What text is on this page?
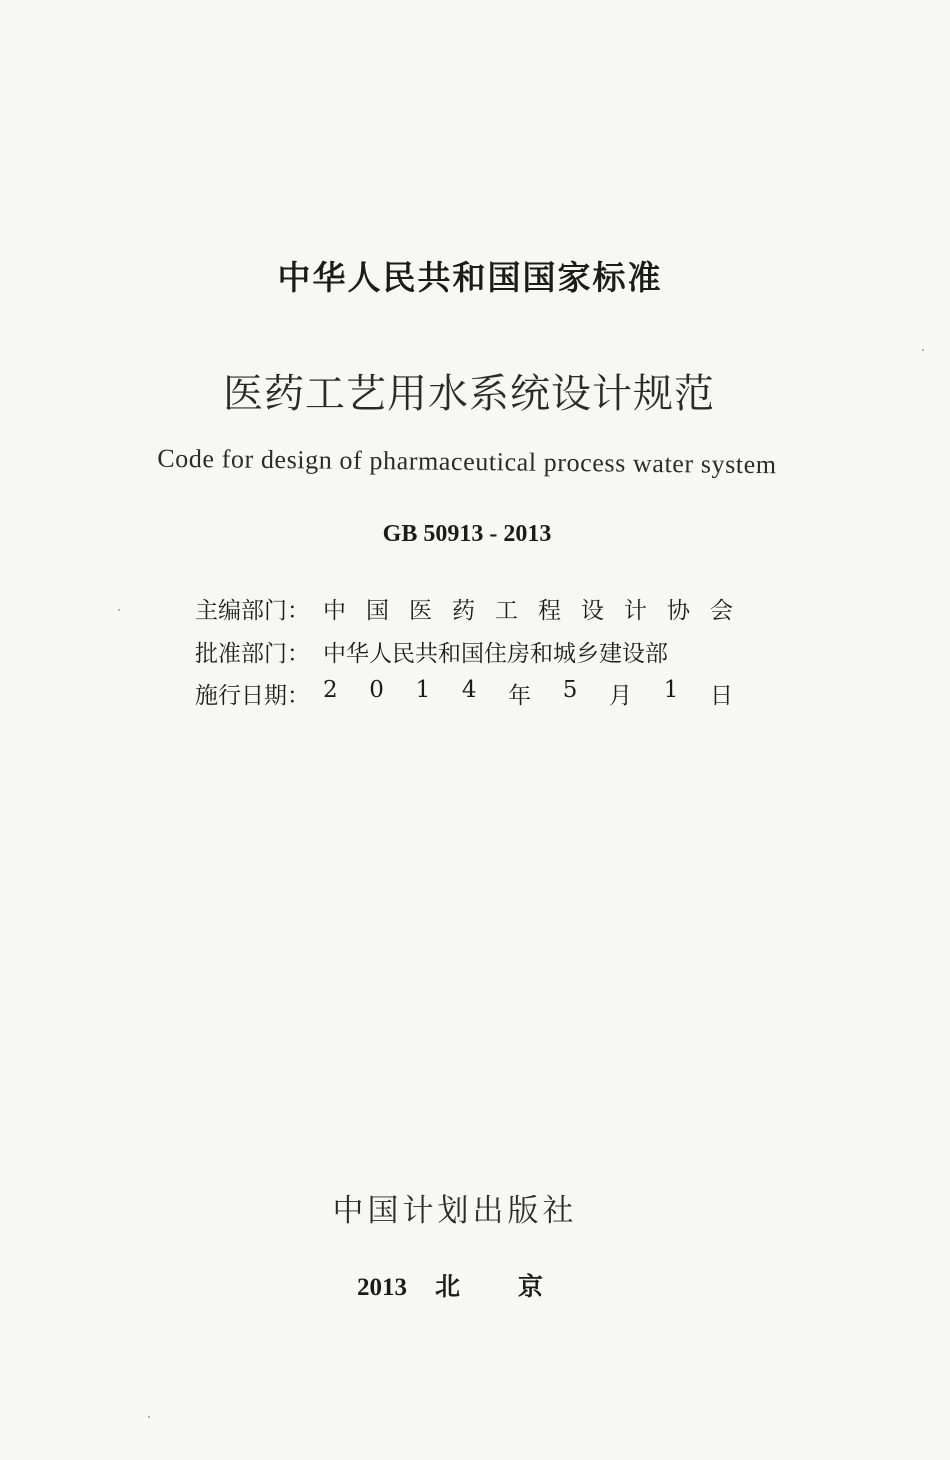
中华人民共和国国家标准
医药工艺用水系统设计规范
Code for design of pharmaceutical process water system
GB 50913 - 2013
主编部门： 中 国 医 药 工 程 设 计 协 会
批准部门： 中华人民共和国住房和城乡建设部
施行日期： 2 0 1 4 年 5 月 1 日
中国计划出版社
2013 北京
